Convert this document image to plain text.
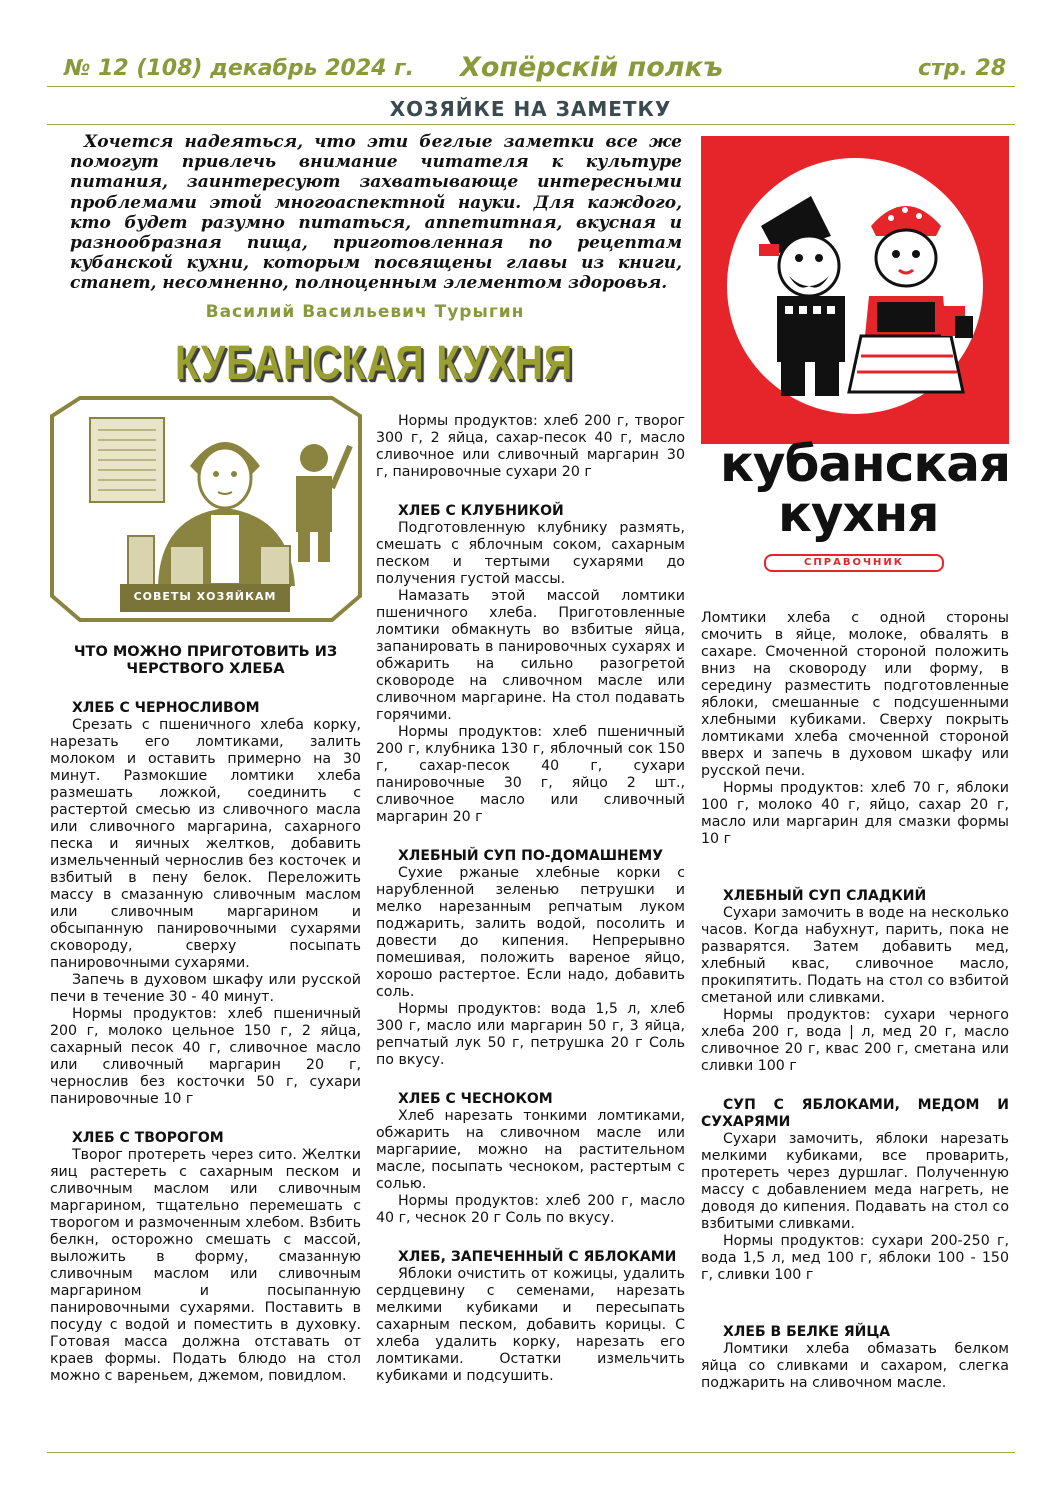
№ 12 (108) декабрь 2024 г. Хопёрскій полкъ	стр. 28
ХОЗЯЙКЕ НА ЗАМЕТКУ

Хочется надеяться, что эти беглые заметки все же помогут привлечь внимание читателя к культуре питания, заинтересуют захватывающе интересными проблемами этой многоаспектной науки. Для каждого, кто будет разумно питаться, аппетитная, вкусная и разнообразная пища, приготовленная по рецептам кубанской кухни, которым посвящены главы из книги, станет, несомненно, полноценным элементом здоровья.

Василий Васильевич Турыгин
КУБАНСКАЯ КУХНЯ
СОВЕТЫ ХОЗЯЙКАМ
кубанская
кухня
СПРАВОЧНИК
ЧТО МОЖНО ПРИГОТОВИТЬ ИЗ ЧЕРСТВОГО ХЛЕБА
ХЛЕБ С ЧЕРНОСЛИВОМ

Срезать с пшеничного хлеба корку, нарезать его ломтиками, залить молоком и оставить примерно на 30 минут. Размокшие ломтики хлеба размешать ложкой, соединить с растертой смесью из сливочного масла или сливочного маргарина, сахарного песка и яичных желтков, добавить измельченный чернослив без косточек и взбитый в пену белок. Переложить массу в смазанную сливочным маслом или сливочным маргарином и обсыпанную панировочными сухарями сковороду, сверху посыпать панировочными сухарями.

Запечь в духовом шкафу или русской печи в течение 30 - 40 минут.

Нормы продуктов: хлеб пшеничный 200 г, молоко цельное 150 г, 2 яйца, сахарный песок 40 г, сливочное масло или сливочный маргарин 20 г, чернослив без косточки 50 г, сухари панировочные 10 г

ХЛЕБ С ТВОРОГОМ

Творог протереть через сито. Желтки яиц растереть с сахарным песком и сливочным маслом или сливочным маргарином, тщательно перемешать с творогом и размоченным хлебом. Взбить белкн, осторожно смешать с массой, выложить в форму, смазанную сливочным маслом или сливочным маргарином и посыпанную панировочными сухарями. Поставить в посуду с водой и поместить в духовку. Готовая масса должна отставать от краев формы. Подать блюдо на стол можно с вареньем, джемом, повидлом.

Нормы продуктов: хлеб 200 г, творог 300 г, 2 яйца, сахар-песок 40 г, масло сливочное или сливочный маргарин 30 г, панировочные сухари 20 г

ХЛЕБ С КЛУБНИКОЙ

Подготовленную клубнику размять, смешать с яблочным соком, сахарным песком и тертыми сухарями до получения густой массы.

Намазать этой массой ломтики пшеничного хлеба. Приготовленные ломтики обмакнуть во взбитые яйца, запанировать в панировочных сухарях и обжарить на сильно разогретой сковороде на сливочном масле или сливочном маргарине. На стол подавать горячими.

Нормы продуктов: хлеб пшеничный 200 г, клубника 130 г, яблочный сок 150 г, сахар-песок 40 г, сухари панировочные 30 г, яйцо 2 шт., сливочное масло или сливочный маргарин 20 г

ХЛЕБНЫЙ СУП ПО-ДОМАШНЕМУ

Сухие ржаные хлебные корки с нарубленной зеленью петрушки и мелко нарезанным репчатым луком поджарить, залить водой, посолить и довести до кипения. Непрерывно помешивая, положить вареное яйцо, хорошо растертое. Если надо, добавить соль.

Нормы продуктов: вода 1,5 л, хлеб 300 г, масло или маргарин 50 г, 3 яйца, репчатый лук 50 г, петрушка 20 г Соль по вкусу.

ХЛЕБ С ЧЕСНОКОМ

Хлеб нарезать тонкими ломтиками, обжарить на сливочном масле или маргариие, можно на растительном масле, посыпать чесноком, растертым с солью.

Нормы продуктов: хлеб 200 г, масло 40 г, чеснок 20 г Соль по вкусу.

ХЛЕБ, ЗАПЕЧЕННЫЙ С ЯБЛОКАМИ

Яблоки очистить от кожицы, удалить сердцевину с семенами, нарезать мелкими кубиками и пересыпать сахарным песком, добавить корицы. С хлеба удалить корку, нарезать его ломтиками. Остатки измельчить кубиками и подсушить.

Ломтики хлеба с одной стороны смочить в яйце, молоке, обвалять в сахаре. Смоченной стороной положить вниз на сковороду или форму, в середину разместить подготовленные яблоки, смешанные с подсушенными хлебными кубиками. Сверху покрыть ломтиками хлеба смоченной стороной вверх и запечь в духовом шкафу или русской печи.

Нормы продуктов: хлеб 70 г, яблоки 100 г, молоко 40 г, яйцо, сахар 20 г, масло или маргарин для смазки формы 10 г

ХЛЕБНЫЙ СУП СЛАДКИЙ

Сухари замочить в воде на несколько часов. Когда набухнут, парить, пока не разварятся. Затем добавить мед, хлебный квас, сливочное масло, прокипятить. Подать на стол со взбитой сметаной или сливками.

Нормы продуктов: сухари черного хлеба 200 г, вода | л, мед 20 г, масло сливочное 20 г, квас 200 г, сметана или сливки 100 г

СУП С ЯБЛОКАМИ, МЕДОМ И СУХАРЯМИ

Сухари замочить, яблоки нарезать мелкими кубиками, все проварить, протереть через дуршлаг. Полученную массу с добавлением меда нагреть, не доводя до кипения. Подавать на стол со взбитыми сливками.

Нормы продуктов: сухари 200-250 г, вода 1,5 л, мед 100 г, яблоки 100 - 150 г, сливки 100 г

ХЛЕБ В БЕЛКЕ ЯЙЦА

Ломтики хлеба обмазать белком яйца со сливками и сахаром, слегка поджарить на сливочном масле.
